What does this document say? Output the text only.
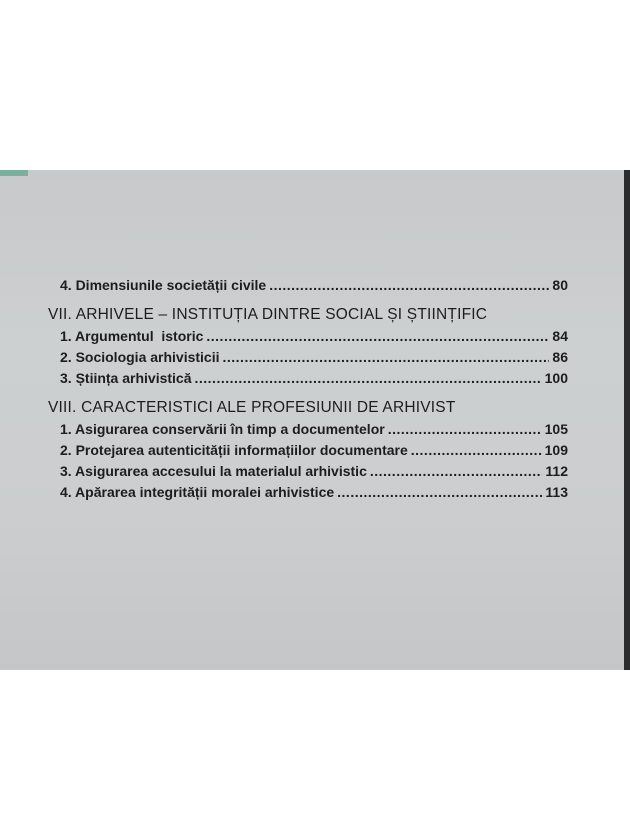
4. Dimensiunile societății civile .....	80
VII. ARHIVELE – INSTITUȚIA DINTRE SOCIAL ȘI ȘTIINȚIFIC
1. Argumentul  istoric .....	84
2. Sociologia arhivisticii .....	86
3. Știința arhivistică .....	100
VIII. CARACTERISTICI ALE PROFESIUNII DE ARHIVIST
1. Asigurarea conservării în timp a documentelor .....	105
2. Protejarea autenticității informațiilor documentare .....	109
3. Asigurarea accesului la materialul arhivistic .....	112
4. Apărarea integrității moralei arhivistice .....	113
